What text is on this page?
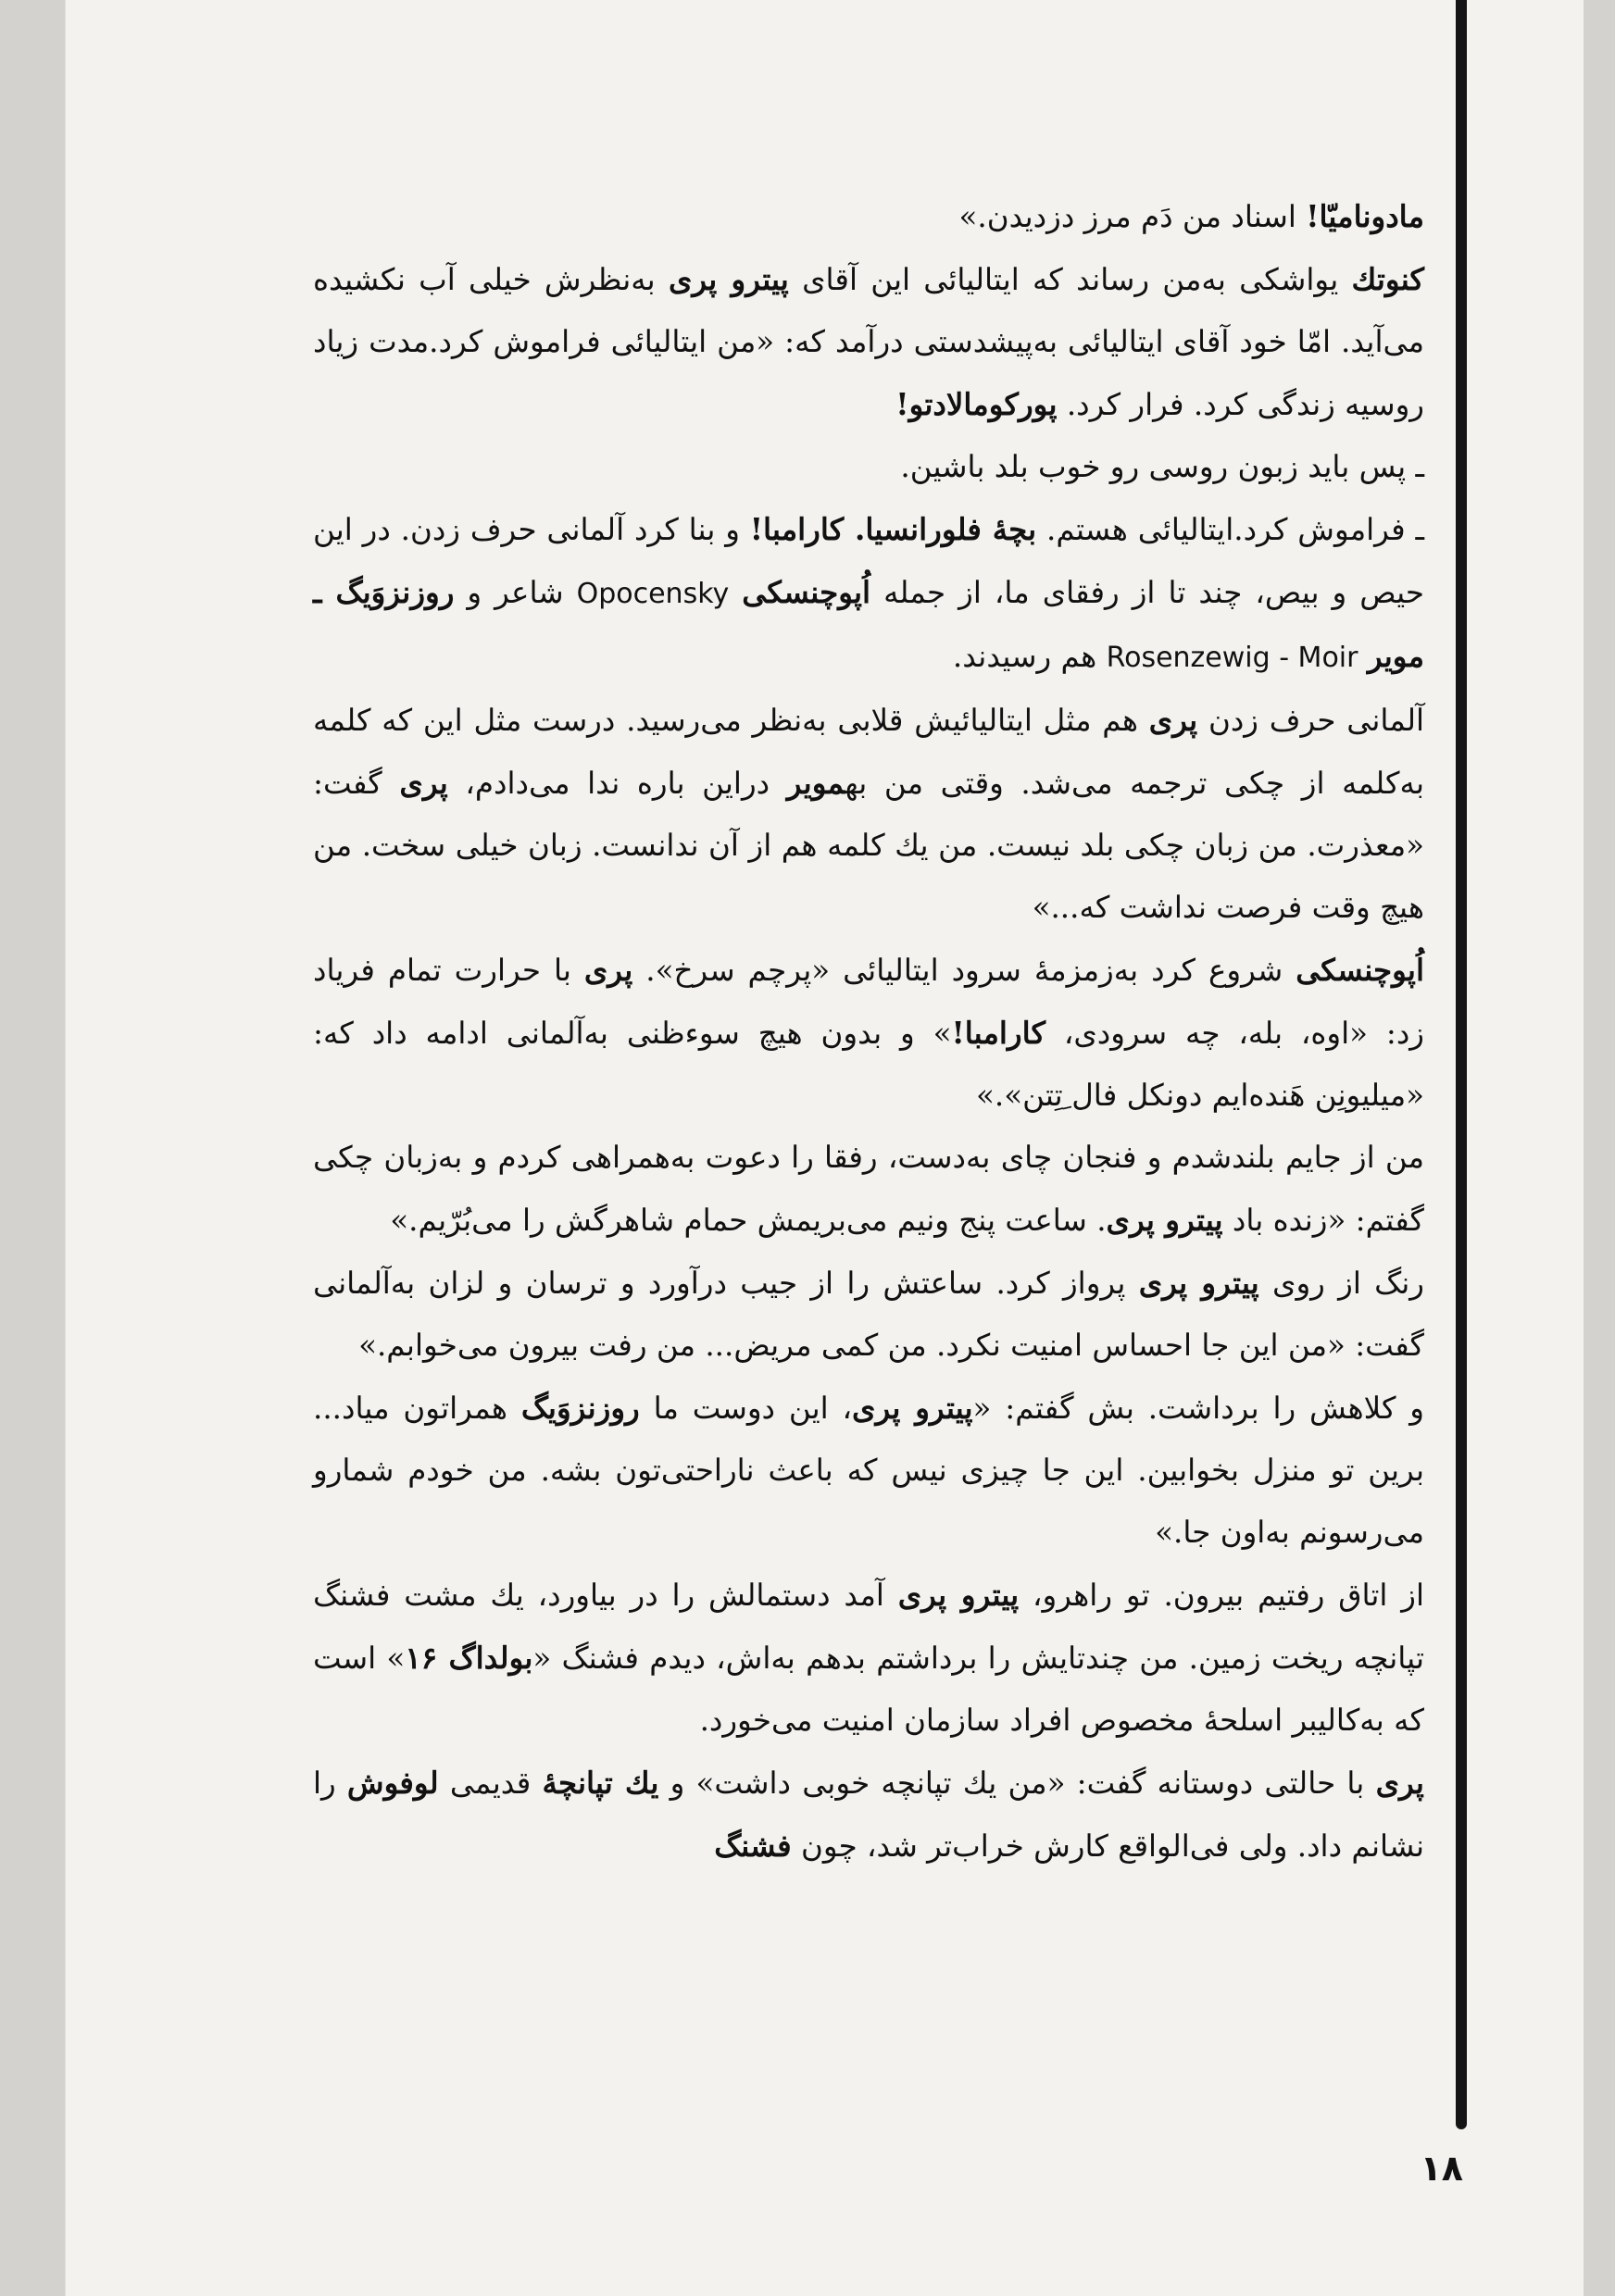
مادونامیّا! اسناد من دَم مرز دزدیدن.»

کنوتك یواشکی به‌من رساند که ایتالیائی این آقای پیترو پری به‌نظرش خیلی آب نکشیده می‌آید. امّا خود آقای ایتالیائی به‌پیشدستی درآمد که: «من ایتالیائی فراموش کرد.مدت زیاد روسیه زندگی کرد. فرار کرد. پورکومالادتو!

ـ پس باید زبون روسی رو خوب بلد باشین.

ـ فراموش کرد.ایتالیائی هستم. بچهٔ فلورانسیا. کارامبا! و بنا کرد آلمانی حرف زدن. در این حیص و بیص، چند تا از رفقای ما، از جمله اُپوچنسکی Opocensky شاعر و روزنزوَیگ ـ مویر Rosenzewig - Moir هم رسیدند.

آلمانی حرف زدن پری هم مثل ایتالیائیش قلابی به‌نظر می‌رسید. درست مثل این که کلمه به‌کلمه از چکی ترجمه می‌شد. وقتی من بهمویر دراین باره ندا می‌دادم، پری گفت: «معذرت. من زبان چکی بلد نیست. من یك کلمه هم از آن ندانست. زبان خیلی سخت. من هیچ وقت فرصت نداشت که...»

اُپوچنسکی شروع کرد به‌زمزمهٔ سرود ایتالیائی «پرچم سرخ». پری با حرارت تمام فریاد زد: «اوه، بله، چه سرودی، کارامبا!» و بدون هیچ سوءظنی به‌آلمانی ادامه داد که: «میلیونِن هَنده‌ایم دونکل فال ِتِتن».»

من از جایم بلندشدم و فنجان چای به‌دست، رفقا را دعوت به‌همراهی کردم و به‌زبان چکی گفتم: «زنده باد پیترو پری. ساعت پنج ونیم می‌بریمش حمام شاهرگش را می‌بُرّیم.»

رنگ از روی پیترو پری پرواز کرد. ساعتش را از جیب درآورد و ترسان و لزان به‌آلمانی گفت: «من این جا احساس امنیت نکرد. من کمی مریض... من رفت بیرون می‌خوابم.»

و کلاهش را برداشت. بش گفتم: «پیترو پری، این دوست ما روزنزوَیگ همراتون میاد... برین تو منزل بخوابین. این جا چیزی نیس که باعث ناراحتی‌تون بشه. من خودم شمارو می‌رسونم به‌اون جا.»

از اتاق رفتیم بیرون. تو راهرو، پیترو پری آمد دستمالش را در بیاورد، یك مشت فشنگ تپانچه ریخت زمین. من چندتایش را برداشتم بدهم به‌اش، دیدم فشنگ «بولداگ ۱۶» است که به‌کالیبر اسلحهٔ مخصوص افراد سازمان امنیت می‌خورد.

پری با حالتی دوستانه گفت: «من یك تپانچه خوبی داشت» و یك تپانچهٔ قدیمی لوفوش را نشانم داد. ولی فی‌الواقع کارش خراب‌تر شد، چون فشنگ

۱۸
